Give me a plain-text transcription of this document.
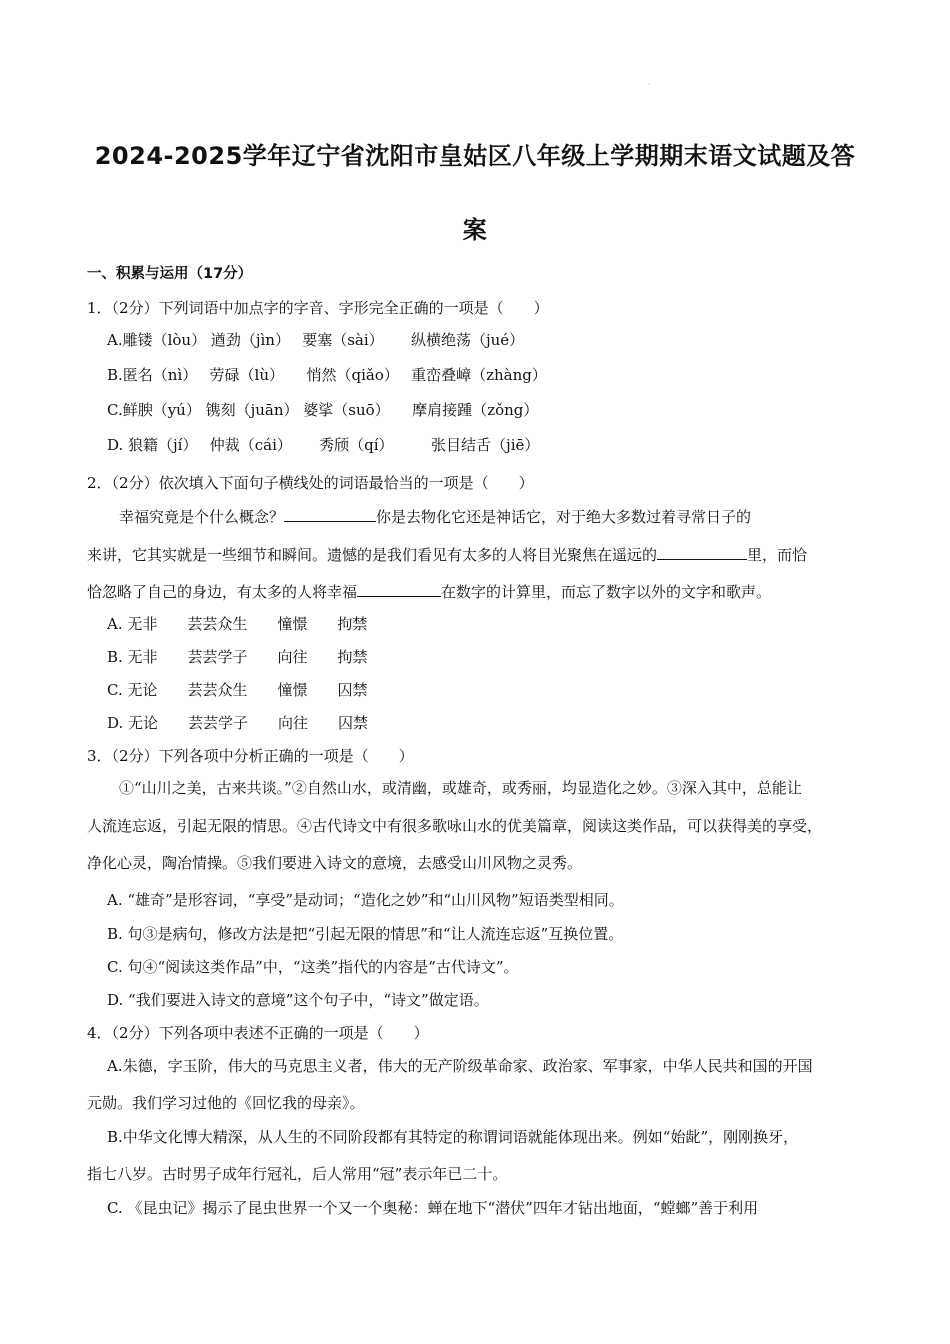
·
2024-2025学年辽宁省沈阳市皇姑区八年级上学期期末语文试题及答
案
一、积累与运用（17分）
1．（2分）下列词语中加点字的字音、字形完全正确的一项是（　　）
A.雕镂（lòu） 遒劲（jìn）　 要塞（sài）　　 纵横绝荡（jué）
B.匿名（nì）　 劳碌（lù）　　悄然（qiǎo）　 重峦叠嶂（zhàng）
C.鲜腴（yú） 镌刻（juān） 婆挲（suō）　　摩肩接踵（zǒng）
D. 狼籍（jí）　 仲裁（cái）　　 秀颀（qí）　　　张目结舌（jiē）
2．（2分）依次填入下面句子横线处的词语最恰当的一项是（　　）
幸福究竟是个什么概念？	你是去物化它还是神话它，对于绝大多数过着寻常日子的
来讲，它其实就是一些细节和瞬间。遗憾的是我们看见有太多的人将目光聚焦在遥远的	里，而恰
恰忽略了自己的身边，有太多的人将幸福	在数字的计算里，而忘了数字以外的文字和歌声。
A. 无非　　芸芸众生　　憧憬　　拘禁
B. 无非　　芸芸学子　　向往　　拘禁
C. 无论　　芸芸众生　　憧憬　　囚禁
D. 无论　　芸芸学子　　向往　　囚禁
3．（2分）下列各项中分析正确的一项是（　　）
①“山川之美，古来共谈。”②自然山水，或清幽，或雄奇，或秀丽，均显造化之妙。③深入其中，总能让
人流连忘返，引起无限的情思。④古代诗文中有很多歌咏山水的优美篇章，阅读这类作品，可以获得美的享受，
净化心灵，陶冶情操。⑤我们要进入诗文的意境，去感受山川风物之灵秀。
A. “雄奇”是形容词，“享受”是动词；“造化之妙”和“山川风物”短语类型相同。
B. 句③是病句，修改方法是把“引起无限的情思”和“让人流连忘返”互换位置。
C. 句④“阅读这类作品”中，“这类”指代的内容是“古代诗文”。
D. “我们要进入诗文的意境”这个句子中，“诗文”做定语。
4．（2分）下列各项中表述不正确的一项是（　　）
A.朱德，字玉阶，伟大的马克思主义者，伟大的无产阶级革命家、政治家、军事家，中华人民共和国的开国
元勋。我们学习过他的《回忆我的母亲》。
B.中华文化博大精深，从人生的不同阶段都有其特定的称谓词语就能体现出来。例如“始龀”，刚刚换牙，
指七八岁。古时男子成年行冠礼，后人常用“冠”表示年已二十。
C. 《昆虫记》揭示了昆虫世界一个又一个奥秘：蝉在地下“潜伏”四年才钻出地面，“螳螂”善于利用
